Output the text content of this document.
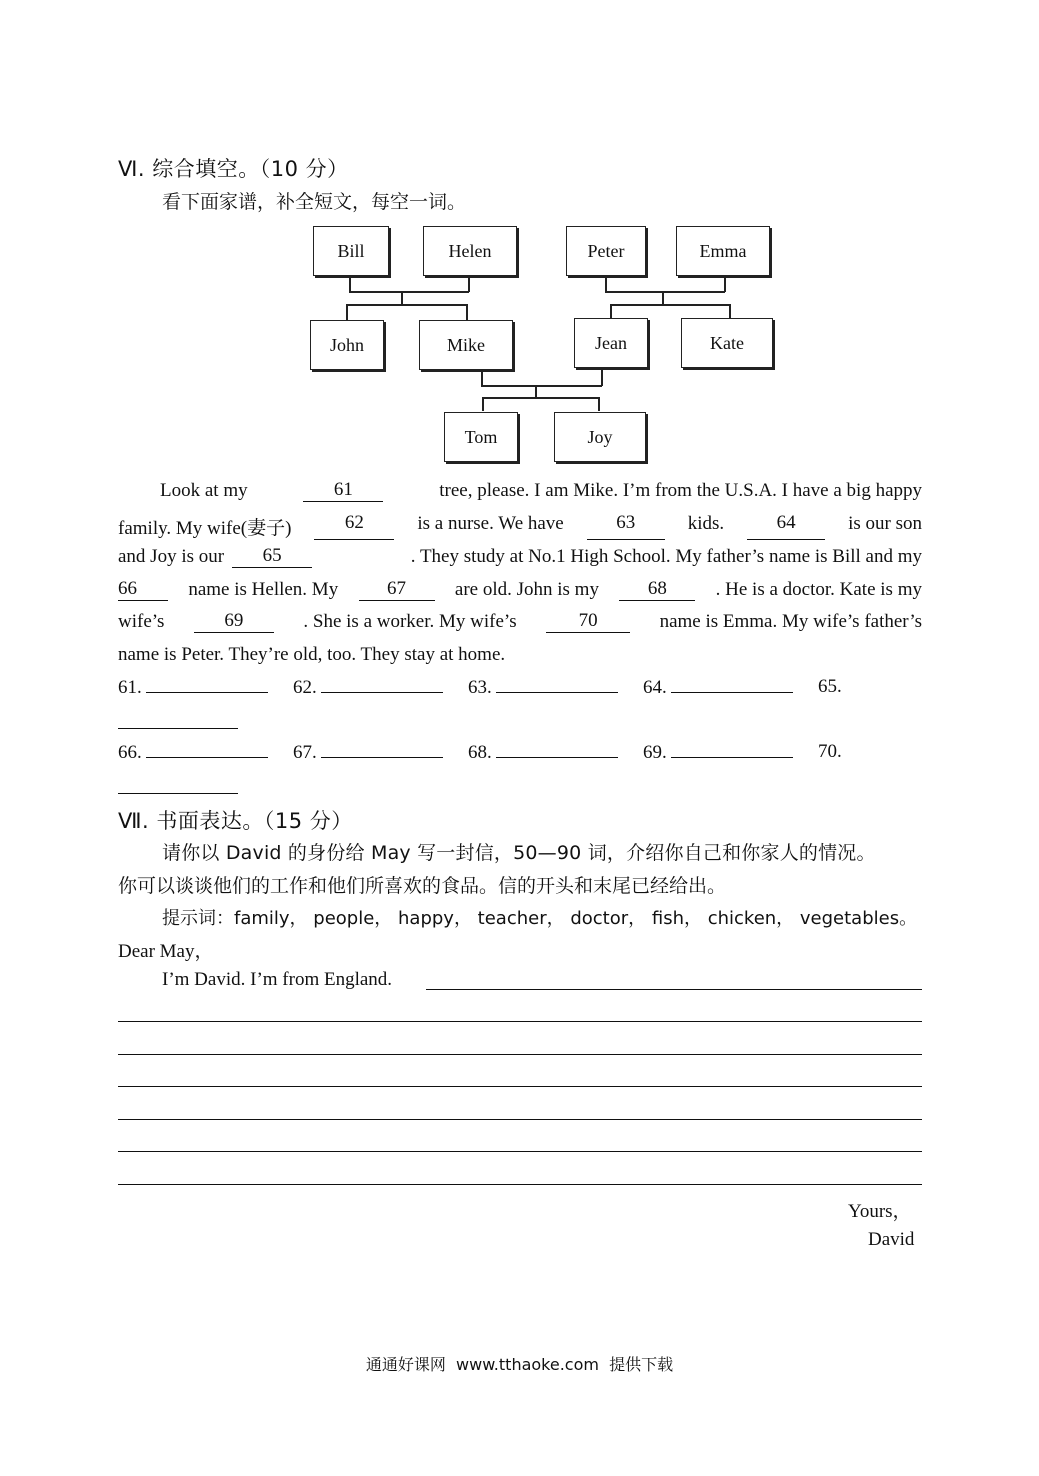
Ⅵ. 综合填空。（10 分）
看下面家谱，补全短文，每空一词。
Bill	Helen	Peter	Emma
John	Mike	Jean	Kate
Tom	Joy
Look at my	61	tree, please. I am Mike. I’m from the U.S.A. I have a big happy
family. My wife(妻子)	62	is a nurse. We have	63	kids.	64	is our son
and Joy is our	65	. They study at No.1 High School. My father’s name is Bill and my
66	name is Hellen. My	67	are old. John is my	68	. He is a doctor. Kate is my
wife’s	69	. She is a worker. My wife’s	70	name is Emma. My wife’s father’s
name is Peter. They’re old, too. They stay at home.
61.	62.	63.	64.	65.
66.	67.	68.	69.	70.
Ⅶ. 书面表达。（15 分）
请你以 David 的身份给 May 写一封信，50—90 词，介绍你自己和你家人的情况。
你可以谈谈他们的工作和他们所喜欢的食品。信的开头和末尾已经给出。
提示词：family， people， happy， teacher， doctor， fish， chicken， vegetables。
Dear May，
I’m David. I’m from England.
Yours，
David
通通好课网  www.tthaoke.com  提供下载
